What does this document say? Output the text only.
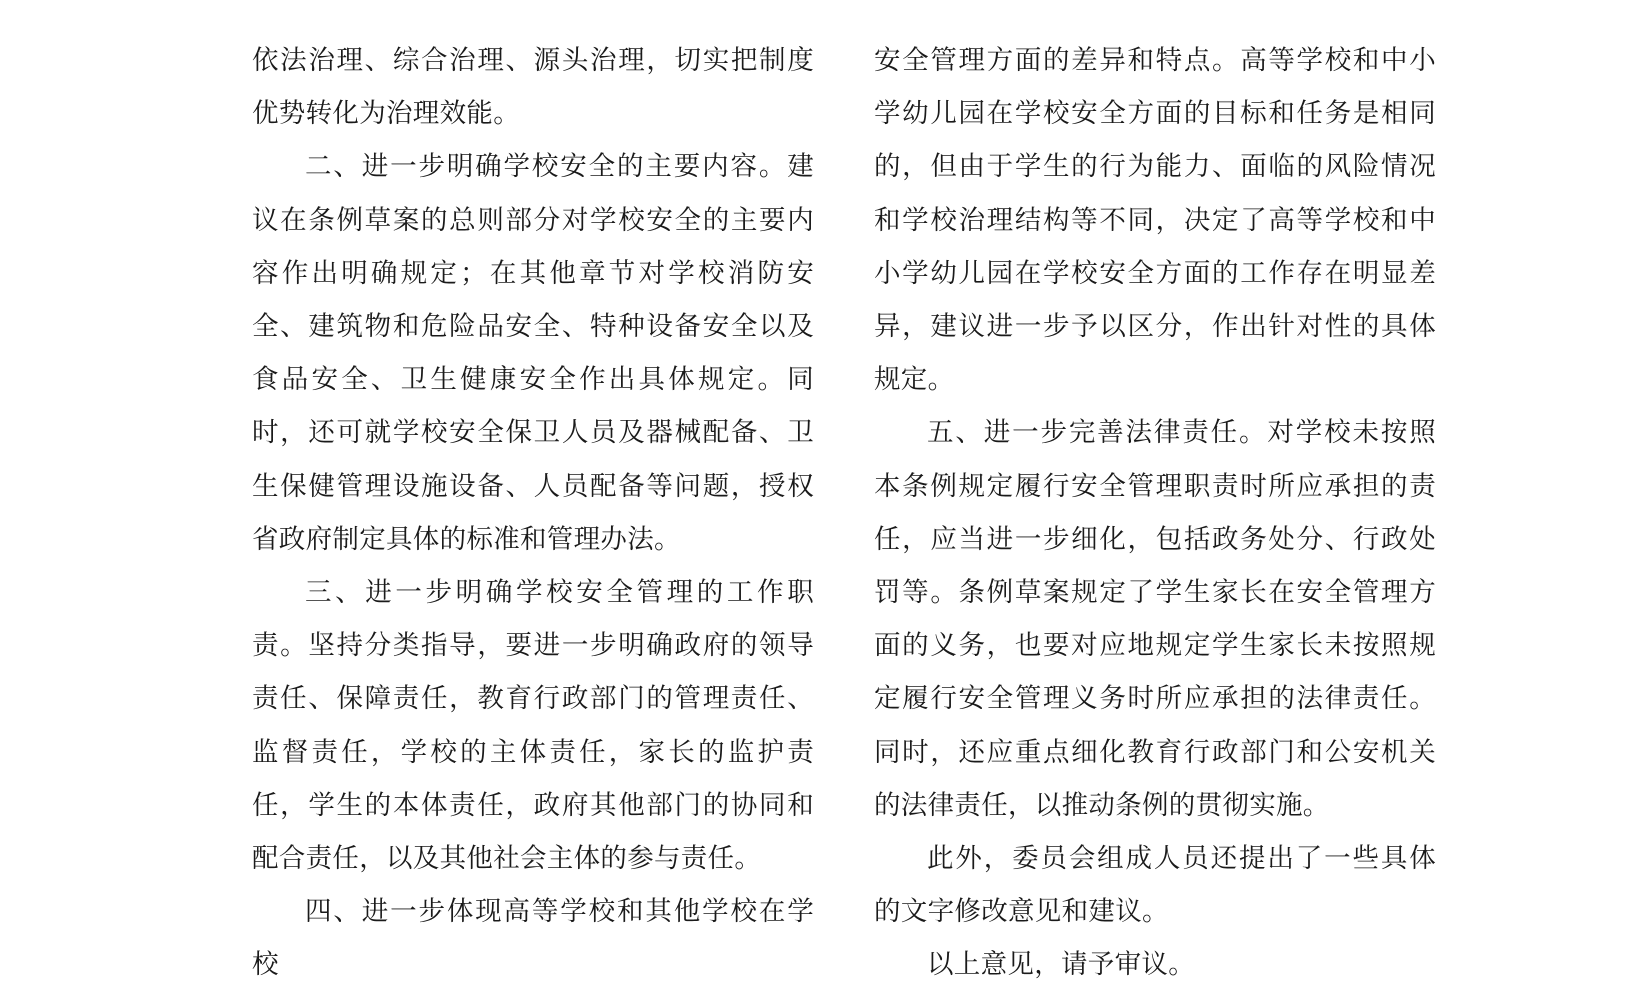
依法治理、综合治理、源头治理，切实把制度优势转化为治理效能。

二、进一步明确学校安全的主要内容。建议在条例草案的总则部分对学校安全的主要内容作出明确规定；在其他章节对学校消防安全、建筑物和危险品安全、特种设备安全以及食品安全、卫生健康安全作出具体规定。同时，还可就学校安全保卫人员及器械配备、卫生保健管理设施设备、人员配备等问题，授权省政府制定具体的标准和管理办法。

三、进一步明确学校安全管理的工作职责。坚持分类指导，要进一步明确政府的领导责任、保障责任，教育行政部门的管理责任、监督责任，学校的主体责任，家长的监护责任，学生的本体责任，政府其他部门的协同和配合责任，以及其他社会主体的参与责任。

四、进一步体现高等学校和其他学校在学校

安全管理方面的差异和特点。高等学校和中小学幼儿园在学校安全方面的目标和任务是相同的，但由于学生的行为能力、面临的风险情况和学校治理结构等不同，决定了高等学校和中小学幼儿园在学校安全方面的工作存在明显差异，建议进一步予以区分，作出针对性的具体规定。

五、进一步完善法律责任。对学校未按照本条例规定履行安全管理职责时所应承担的责任，应当进一步细化，包括政务处分、行政处罚等。条例草案规定了学生家长在安全管理方面的义务，也要对应地规定学生家长未按照规定履行安全管理义务时所应承担的法律责任。同时，还应重点细化教育行政部门和公安机关的法律责任，以推动条例的贯彻实施。

此外，委员会组成人员还提出了一些具体的文字修改意见和建议。

以上意见，请予审议。
